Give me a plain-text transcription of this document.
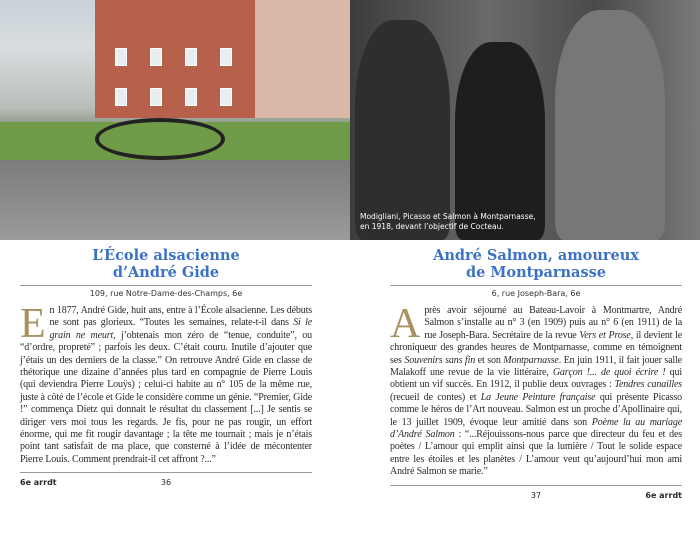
Modigliani, Picasso et Salmon à Montparnasse,
en 1918, devant l’objectif de Cocteau.
L’École alsacienne
d’André Gide
109, rue Notre-Dame-des-Champs, 6e
En 1877, André Gide, huit ans, entre à l’École alsacienne. Les débuts ne sont pas glorieux. “Toutes les semaines, relate-t-il dans Si le grain ne meurt, j’obtenais mon zéro de “tenue, conduite”, ou “d’ordre, propreté” ; parfois les deux. C’était couru. Inutile d’ajouter que j’étais un des derniers de la classe.” On retrouve André Gide en classe de rhétorique une dizaine d’années plus tard en compagnie de Pierre Louis (qui deviendra Pierre Louÿs) ; celui-ci habite au n° 105 de la même rue, juste à côté de l’école et Gide le considère comme un génie. “Premier, Gide !” commença Dietz qui donnait le résultat du classement [...] Je sentis se diriger vers moi tous les regards. Je fis, pour ne pas rougir, un effort énorme, qui me fit rougir davantage ; la tête me tournait ; mais je n’étais point tant satisfait de ma place, que consterné à l’idée de mécontenter Pierre Louis. Comment prendrait-il cet affront ?...”
6e arrdt	36
André Salmon, amoureux
de Montparnasse
6, rue Joseph-Bara, 6e
Après avoir séjourné au Bateau-Lavoir à Montmartre, André Salmon s’installe au n° 3 (en 1909) puis au n° 6 (en 1911) de la rue Joseph-Bara. Secrétaire de la revue Vers et Prose, il devient le chroniqueur des grandes heures de Montparnasse, comme en témoignent ses Souvenirs sans fin et son Montparnasse. En juin 1911, il fait jouer salle Malakoff une revue de la vie littéraire, Garçon !... de quoi écrire ! qui obtient un vif succès. En 1912, il publie deux ouvrages : Tendres canailles (recueil de contes) et La Jeune Peinture française qui présente Picasso comme le héros de l’Art nouveau. Salmon est un proche d’Apollinaire qui, le 13 juillet 1909, évoque leur amitié dans son Poème lu au mariage d’André Salmon : “...Réjouissons-nous parce que directeur du feu et des poètes / L’amour qui emplit ainsi que la lumière / Tout le solide espace entre les étoiles et les planètes / L’amour veut qu’aujourd’hui mon ami André Salmon se marie.”
37	6e arrdt
